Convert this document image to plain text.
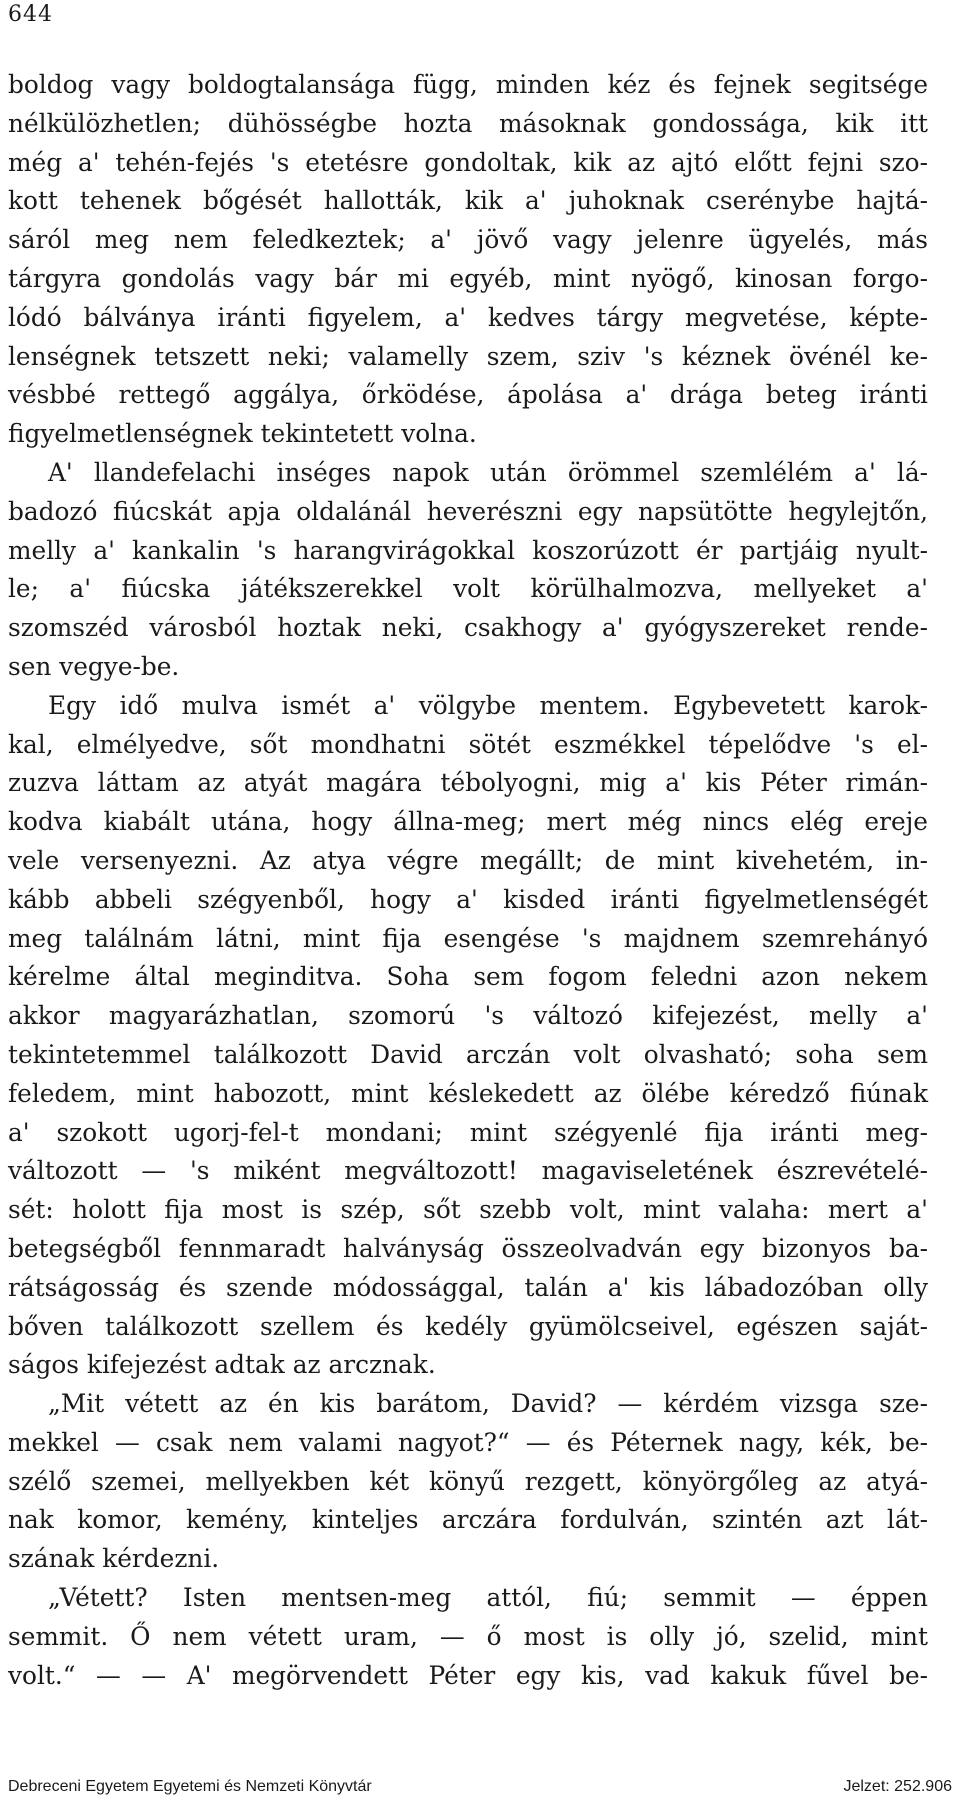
644
boldog vagy boldogtalansága függ, minden kéz és fejnek segitsége
nélkülözhetlen; dühösségbe hozta másoknak gondossága, kik itt
még a' tehén-fejés 's etetésre gondoltak, kik az ajtó előtt fejni szo-
kott tehenek bőgését hallották, kik a' juhoknak cserénybe hajtá-
sáról meg nem feledkeztek; a' jövő vagy jelenre ügyelés, más
tárgyra gondolás vagy bár mi egyéb, mint nyögő, kinosan forgo-
lódó bálványa iránti figyelem, a' kedves tárgy megvetése, képte-
lenségnek tetszett neki; valamelly szem, sziv 's kéznek övénél ke-
vésbbé rettegő aggálya, őrködése, ápolása a' drága beteg iránti
figyelmetlenségnek tekintetett volna.
A' llandefelachi inséges napok után örömmel szemlélém a' lá-
badozó fiúcskát apja oldalánál heverészni egy napsütötte hegylejtőn,
melly a' kankalin 's harangvirágokkal koszorúzott ér partjáig nyult-
le; a' fiúcska játékszerekkel volt körülhalmozva, mellyeket a'
szomszéd városból hoztak neki, csakhogy a' gyógyszereket rende-
sen vegye-be.
Egy idő mulva ismét a' völgybe mentem. Egybevetett karok-
kal, elmélyedve, sőt mondhatni sötét eszmékkel tépelődve 's el-
zuzva láttam az atyát magára tébolyogni, mig a' kis Péter rimán-
kodva kiabált utána, hogy állna-meg; mert még nincs elég ereje
vele versenyezni. Az atya végre megállt; de mint kivehetém, in-
kább abbeli szégyenből, hogy a' kisded iránti figyelmetlenségét
meg találnám látni, mint fija esengése 's majdnem szemrehányó
kérelme által meginditva. Soha sem fogom feledni azon nekem
akkor magyarázhatlan, szomorú 's változó kifejezést, melly a'
tekintetemmel találkozott David arczán volt olvasható; soha sem
feledem, mint habozott, mint késlekedett az ölébe kéredző fiúnak
a' szokott ugorj-fel-t mondani; mint szégyenlé fija iránti meg-
változott — 's miként megváltozott! magaviseletének észrevételé-
sét: holott fija most is szép, sőt szebb volt, mint valaha: mert a'
betegségből fennmaradt halványság összeolvadván egy bizonyos ba-
rátságosság és szende módossággal, talán a' kis lábadozóban olly
bőven találkozott szellem és kedély gyümölcseivel, egészen saját-
ságos kifejezést adtak az arcznak.
„Mit vétett az én kis barátom, David? — kérdém vizsga sze-
mekkel — csak nem valami nagyot?“ — és Péternek nagy, kék, be-
szélő szemei, mellyekben két könyű rezgett, könyörgőleg az atyá-
nak komor, kemény, kinteljes arczára fordulván, szintén azt lát-
szának kérdezni.
„Vétett? Isten mentsen-meg attól, fiú; semmit — éppen
semmit. Ő nem vétett uram, — ő most is olly jó, szelid, mint
volt.“ — — A' megörvendett Péter egy kis, vad kakuk fűvel be-
Debreceni Egyetem Egyetemi és Nemzeti Könyvtár	Jelzet: 252.906
